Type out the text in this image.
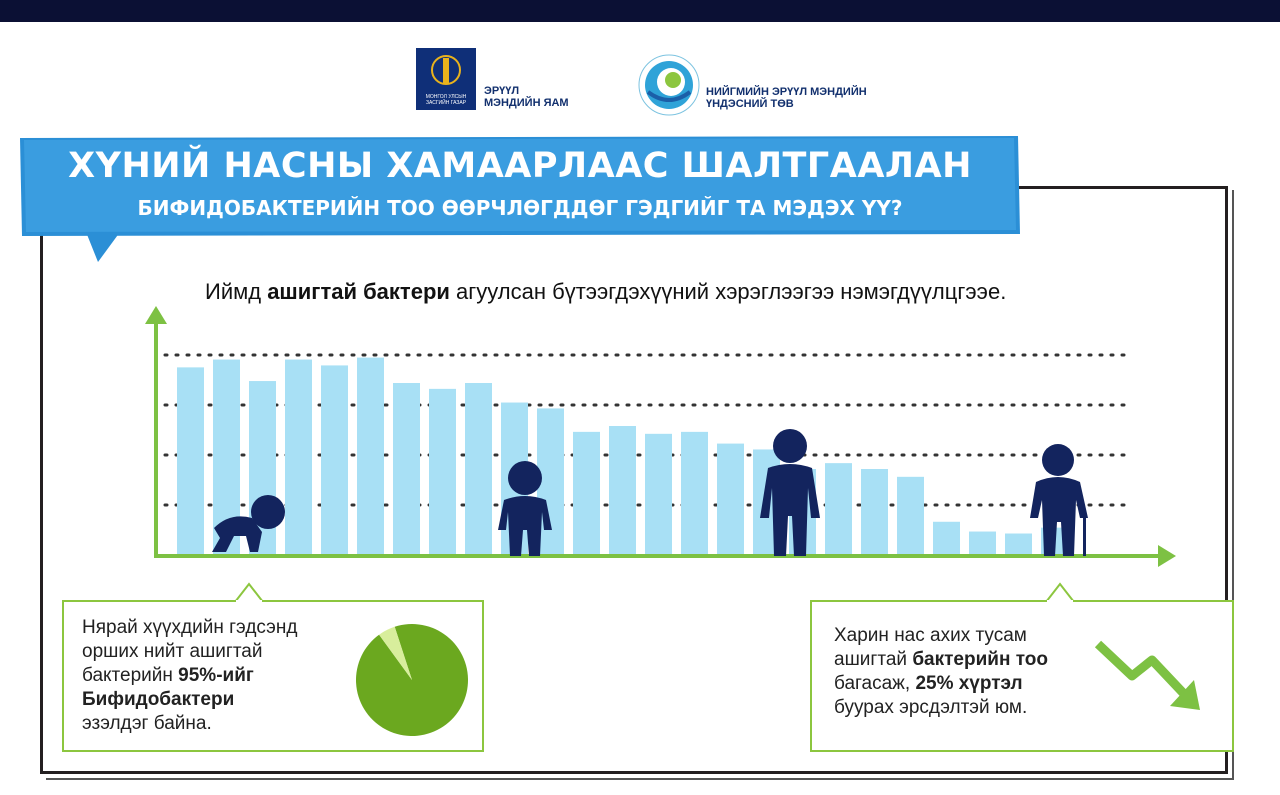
МОНГОЛ УЛСЫН ЗАСГИЙН ГАЗАР
ЭРҮҮЛ
МЭНДИЙН ЯАМ
НИЙГМИЙН ЭРҮҮЛ МЭНДИЙН
ҮНДЭСНИЙ ТӨВ
ХҮНИЙ НАСНЫ ХАМААРЛААС ШАЛТГААЛАН
БИФИДОБАКТЕРИЙН ТОО ӨӨРЧЛӨГДДӨГ ГЭДГИЙГ ТА МЭДЭХ ҮҮ?
Иймд ашигтай бактери агуулсан бүтээгдэхүүний хэрэглээгээ нэмэгдүүлцгээе.
Нярай хүүхдийн гэдсэнд
орших нийт ашигтай
бактерийн 95%-ийг
Бифидобактери
эзэлдэг байна.
Харин нас ахих тусам
ашигтай бактерийн тоо
багасаж, 25% хүртэл
буурах эрсдэлтэй юм.
